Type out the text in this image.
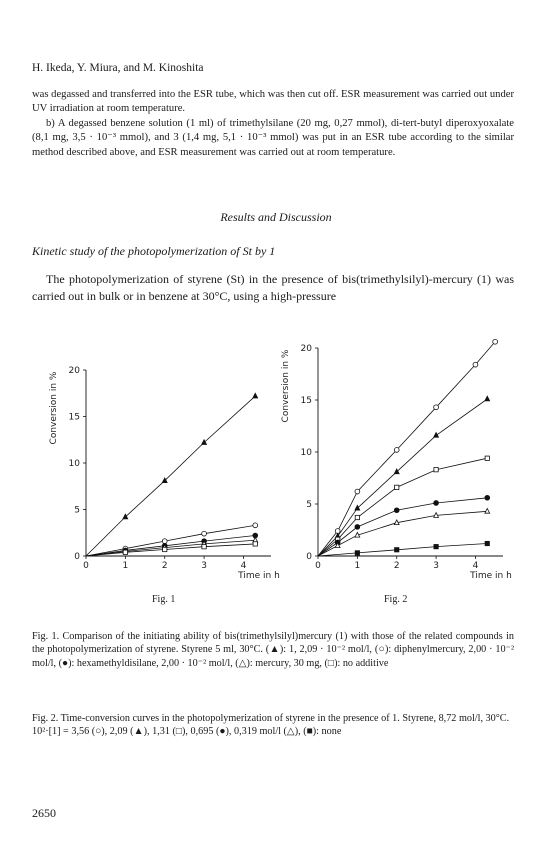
H. Ikeda, Y. Miura, and M. Kinoshita

was degassed and transferred into the ESR tube, which was then cut off. ESR measurement was carried out under UV irradiation at room temperature.

b) A degassed benzene solution (1 ml) of trimethylsilane (20 mg, 0,27 mmol), di-tert-butyl diperoxyoxalate (8,1 mg, 3,5 · 10⁻³ mmol), and 3 (1,4 mg, 5,1 · 10⁻³ mmol) was put in an ESR tube according to the similar method described above, and ESR measurement was carried out at room temperature.

Results and Discussion
Kinetic study of the photopolymerization of St by 1

The photopolymerization of styrene (St) in the presence of bis(trimethylsilyl)-mercury (1) was carried out in bulk or in benzene at 30°C, using a high-pressure

0	1	2	3	4
0
5
10
15
20
Time in h
Conversion in %
0	1	2	3	4
0
5
10
15
20
Time in h
Conversion in %
Fig. 1	Fig. 2

Fig. 1. Comparison of the initiating ability of bis(trimethylsilyl)mercury (1) with those of the related compounds in the photopolymerization of styrene. Styrene 5 ml, 30°C. (▲): 1, 2,09 · 10⁻² mol/l, (○): diphenylmercury, 2,00 · 10⁻² mol/l, (●): hexamethyldisilane, 2,00 · 10⁻² mol/l, (△): mercury, 30 mg, (□): no additive

Fig. 2. Time-conversion curves in the photopolymerization of styrene in the presence of 1. Styrene, 8,72 mol/l, 30°C.

10²·[1] = 3,56 (○), 2,09 (▲), 1,31 (□), 0,695 (●), 0,319 mol/l (△), (■): none

2650
